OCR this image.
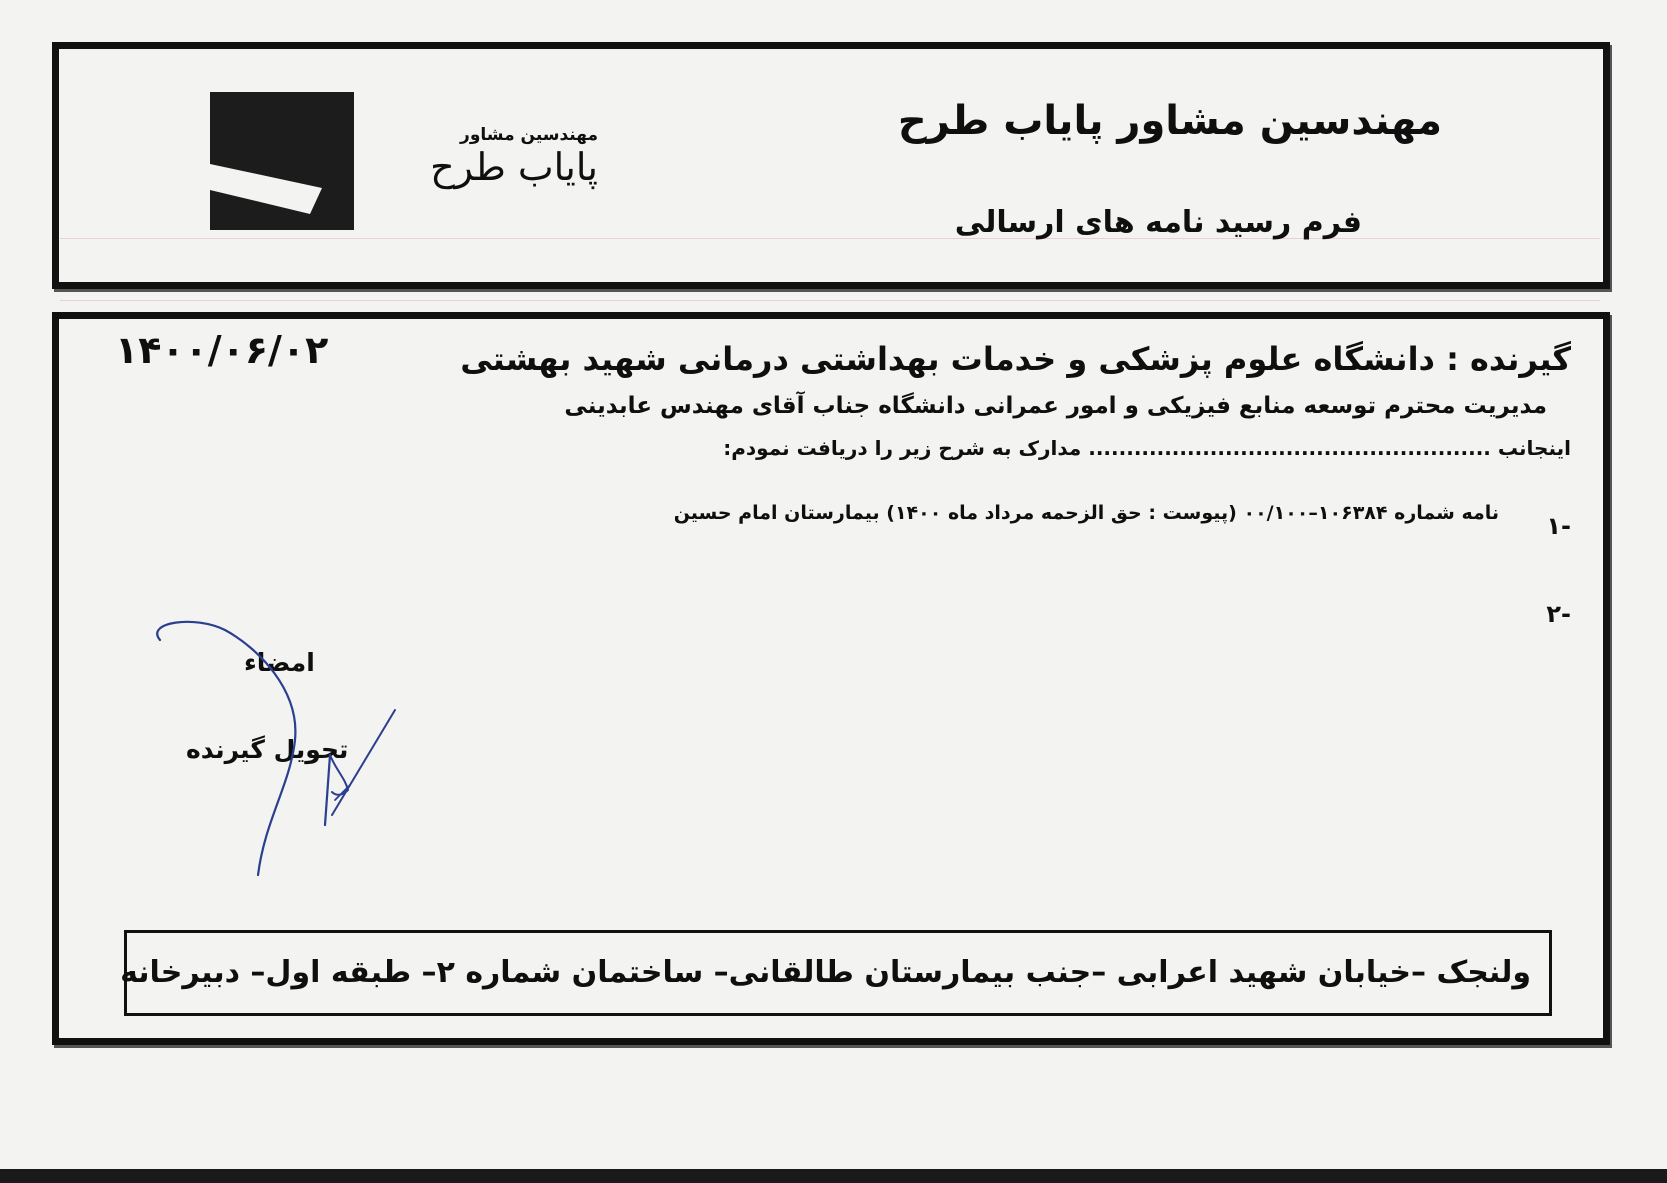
مهندسین مشاور
پایاب طرح
مهندسین مشاور پایاب طرح
فرم رسید نامه های ارسالی
۱۴۰۰/۰۶/۰۲	گیرنده : دانشگاه علوم پزشکی و خدمات بهداشتی درمانی شهید بهشتی
مدیریت محترم توسعه منابع فیزیکی و امور عمرانی دانشگاه جناب آقای مهندس عابدینی
اینجانب ..................................................... مدارک به شرح زیر را دریافت نمودم:
-۱
نامه شماره ۱۰۶۳۸۴–۰۰/۱۰۰ (پیوست : حق الزحمه مرداد ماه ۱۴۰۰) بیمارستان امام حسین
-۲
امضاء
تحویل گیرنده
ولنجک –خیابان شهید اعرابی –جنب بیمارستان طالقانی– ساختمان شماره ۲– طبقه اول– دبیرخانه
